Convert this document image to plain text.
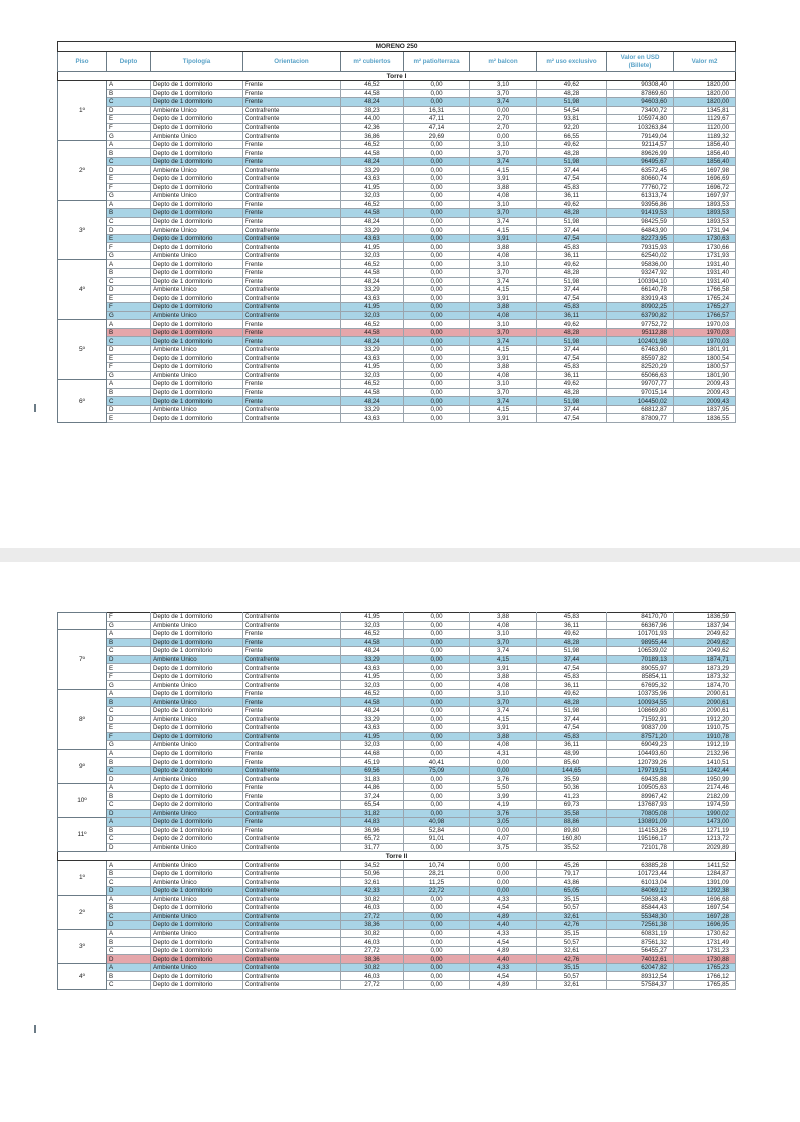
MORENO 250									
Piso	Depto	Tipología	Orientacion	m² cubiertos	m² patio/terraza	m² balcon	m² uso exclusivo	Valor en USD (Billete)	Valor m2
Torre I									
1º	A	Depto de 1 dormitorio	Frente	46,52	0,00	3,10	49,62	90308,40	1820,00
	B	Depto de 1 dormitorio	Frente	44,58	0,00	3,70	48,28	87869,60	1820,00
	C	Depto de 1 dormitorio	Frente	48,24	0,00	3,74	51,98	94603,60	1820,00
	D	Ambiente Único	Contrafrente	38,23	16,31	0,00	54,54	73400,72	1345,81
	E	Depto de 1 dormitorio	Contrafrente	44,00	47,11	2,70	93,81	105974,80	1129,67
	F	Depto de 1 dormitorio	Contrafrente	42,36	47,14	2,70	92,20	103263,84	1120,00
	G	Ambiente Único	Contrafrente	36,86	29,69	0,00	66,55	79149,04	1189,32
2º	A	Depto de 1 dormitorio	Frente	46,52	0,00	3,10	49,62	92114,57	1856,40
	B	Depto de 1 dormitorio	Frente	44,58	0,00	3,70	48,28	89626,99	1856,40
	C	Depto de 1 dormitorio	Frente	48,24	0,00	3,74	51,98	96495,67	1856,40
	D	Ambiente Único	Contrafrente	33,29	0,00	4,15	37,44	63572,45	1697,98
	E	Depto de 1 dormitorio	Contrafrente	43,63	0,00	3,91	47,54	80660,74	1696,69
	F	Depto de 1 dormitorio	Contrafrente	41,95	0,00	3,88	45,83	77760,72	1696,72
	G	Ambiente Único	Contrafrente	32,03	0,00	4,08	36,11	61313,74	1697,97
3º	A	Depto de 1 dormitorio	Frente	46,52	0,00	3,10	49,62	93956,86	1893,53
	B	Depto de 1 dormitorio	Frente	44,58	0,00	3,70	48,28	91419,53	1893,53
	C	Depto de 1 dormitorio	Frente	48,24	0,00	3,74	51,98	98425,59	1893,53
	D	Ambiente Único	Contrafrente	33,29	0,00	4,15	37,44	64843,90	1731,94
	E	Depto de 1 dormitorio	Contrafrente	43,63	0,00	3,91	47,54	82273,95	1730,63
	F	Depto de 1 dormitorio	Contrafrente	41,95	0,00	3,88	45,83	79315,93	1730,66
	G	Ambiente Único	Contrafrente	32,03	0,00	4,08	36,11	62540,02	1731,93
4º	A	Depto de 1 dormitorio	Frente	46,52	0,00	3,10	49,62	95836,00	1931,40
	B	Depto de 1 dormitorio	Frente	44,58	0,00	3,70	48,28	93247,92	1931,40
	C	Depto de 1 dormitorio	Frente	48,24	0,00	3,74	51,98	100394,10	1931,40
	D	Ambiente Único	Contrafrente	33,29	0,00	4,15	37,44	66140,78	1766,58
	E	Depto de 1 dormitorio	Contrafrente	43,63	0,00	3,91	47,54	83919,43	1765,24
	F	Depto de 1 dormitorio	Contrafrente	41,95	0,00	3,88	45,83	80902,25	1765,27
	G	Ambiente Único	Contrafrente	32,03	0,00	4,08	36,11	63790,82	1766,57
5º	A	Depto de 1 dormitorio	Frente	46,52	0,00	3,10	49,62	97752,72	1970,03
	B	Depto de 1 dormitorio	Frente	44,58	0,00	3,70	48,28	95112,88	1970,03
	C	Depto de 1 dormitorio	Frente	48,24	0,00	3,74	51,98	102401,98	1970,03
	D	Ambiente Único	Contrafrente	33,29	0,00	4,15	37,44	67463,60	1801,91
	E	Depto de 1 dormitorio	Contrafrente	43,63	0,00	3,91	47,54	85597,82	1800,54
	F	Depto de 1 dormitorio	Contrafrente	41,95	0,00	3,88	45,83	82520,29	1800,57
	G	Ambiente Único	Contrafrente	32,03	0,00	4,08	36,11	65066,63	1801,90
6º	A	Depto de 1 dormitorio	Frente	46,52	0,00	3,10	49,62	99707,77	2009,43
	B	Depto de 1 dormitorio	Frente	44,58	0,00	3,70	48,28	97015,14	2009,43
	C	Depto de 1 dormitorio	Frente	48,24	0,00	3,74	51,98	104450,02	2009,43
	D	Ambiente Único	Contrafrente	33,29	0,00	4,15	37,44	68812,87	1837,95
	E	Depto de 1 dormitorio	Contrafrente	43,63	0,00	3,91	47,54	87809,77	1836,55
	F	Depto de 1 dormitorio	Contrafrente	41,95	0,00	3,88	45,83	84170,70	1836,59
	G	Ambiente Único	Contrafrente	32,03	0,00	4,08	36,11	66367,96	1837,94
7º	A	Depto de 1 dormitorio	Frente	46,52	0,00	3,10	49,62	101701,93	2049,62
	B	Depto de 1 dormitorio	Frente	44,58	0,00	3,70	48,28	98955,44	2049,62
	C	Depto de 1 dormitorio	Frente	48,24	0,00	3,74	51,98	106539,02	2049,62
	D	Ambiente Único	Contrafrente	33,29	0,00	4,15	37,44	70189,13	1874,71
	E	Depto de 1 dormitorio	Contrafrente	43,63	0,00	3,91	47,54	89055,97	1873,29
	F	Depto de 1 dormitorio	Contrafrente	41,95	0,00	3,88	45,83	85854,11	1873,32
	G	Ambiente Único	Contrafrente	32,03	0,00	4,08	36,11	67695,32	1874,70
8º	A	Depto de 1 dormitorio	Frente	46,52	0,00	3,10	49,62	103735,96	2090,61
	B	Ambiente Único	Frente	44,58	0,00	3,70	48,28	100934,55	2090,61
	C	Depto de 1 dormitorio	Frente	48,24	0,00	3,74	51,98	108669,80	2090,61
	D	Ambiente Único	Contrafrente	33,29	0,00	4,15	37,44	71592,91	1912,20
	E	Depto de 1 dormitorio	Contrafrente	43,63	0,00	3,91	47,54	90837,09	1910,75
	F	Depto de 1 dormitorio	Contrafrente	41,95	0,00	3,88	45,83	87571,20	1910,78
	G	Ambiente Único	Contrafrente	32,03	0,00	4,08	36,11	69049,23	1912,19
9º	A	Depto de 1 dormitorio	Frente	44,68	0,00	4,31	48,99	104493,60	2132,96
	B	Depto de 1 dormitorio	Frente	45,19	40,41	0,00	85,60	120739,26	1410,51
	C	Depto de 2 dormitorio	Contrafrente	69,56	75,09	0,00	144,65	179719,51	1242,44
	D	Ambiente Único	Contrafrente	31,83	0,00	3,76	35,59	69435,88	1950,99
10º	A	Depto de 1 dormitorio	Frente	44,86	0,00	5,50	50,36	109505,63	2174,46
	B	Depto de 1 dormitorio	Frente	37,24	0,00	3,99	41,23	89967,42	2182,09
	C	Depto de 2 dormitorio	Contrafrente	65,54	0,00	4,19	69,73	137687,93	1974,59
	D	Ambiente Único	Contrafrente	31,82	0,00	3,76	35,58	70805,08	1990,02
11º	A	Depto de 1 dormitorio	Frente	44,83	40,98	3,05	88,86	130891,09	1473,00
	B	Depto de 1 dormitorio	Frente	36,96	52,84	0,00	89,80	114153,26	1271,19
	C	Depto de 2 dormitorio	Contrafrente	65,72	91,01	4,07	160,80	195166,17	1213,72
	D	Ambiente Único	Contrafrente	31,77	0,00	3,75	35,52	72101,78	2029,89
Torre II									
1º	A	Ambiente Único	Contrafrente	34,52	10,74	0,00	45,26	63885,28	1411,52
	B	Depto de 1 dormitorio	Contrafrente	50,96	28,21	0,00	79,17	101723,44	1284,87
	C	Ambiente Único	Contrafrente	32,61	11,25	0,00	43,86	61013,04	1391,09
	D	Depto de 1 dormitorio	Contrafrente	42,33	22,72	0,00	65,05	84069,12	1292,38
2º	A	Ambiente Único	Contrafrente	30,82	0,00	4,33	35,15	59638,43	1696,68
	B	Depto de 1 dormitorio	Contrafrente	46,03	0,00	4,54	50,57	85844,43	1697,54
	C	Ambiente Único	Contrafrente	27,72	0,00	4,89	32,61	55348,30	1697,28
	D	Depto de 1 dormitorio	Contrafrente	38,36	0,00	4,40	42,76	72561,38	1696,95
3º	A	Ambiente Único	Contrafrente	30,82	0,00	4,33	35,15	60831,19	1730,62
	B	Depto de 1 dormitorio	Contrafrente	46,03	0,00	4,54	50,57	87561,32	1731,49
	C	Depto de 1 dormitorio	Contrafrente	27,72	0,00	4,89	32,61	56455,27	1731,23
	D	Depto de 1 dormitorio	Contrafrente	38,36	0,00	4,40	42,76	74012,61	1730,88
4º	A	Ambiente Único	Contrafrente	30,82	0,00	4,33	35,15	62047,82	1765,23
	B	Depto de 1 dormitorio	Contrafrente	46,03	0,00	4,54	50,57	89312,54	1766,12
	C	Depto de 1 dormitorio	Contrafrente	27,72	0,00	4,89	32,61	57584,37	1765,85
